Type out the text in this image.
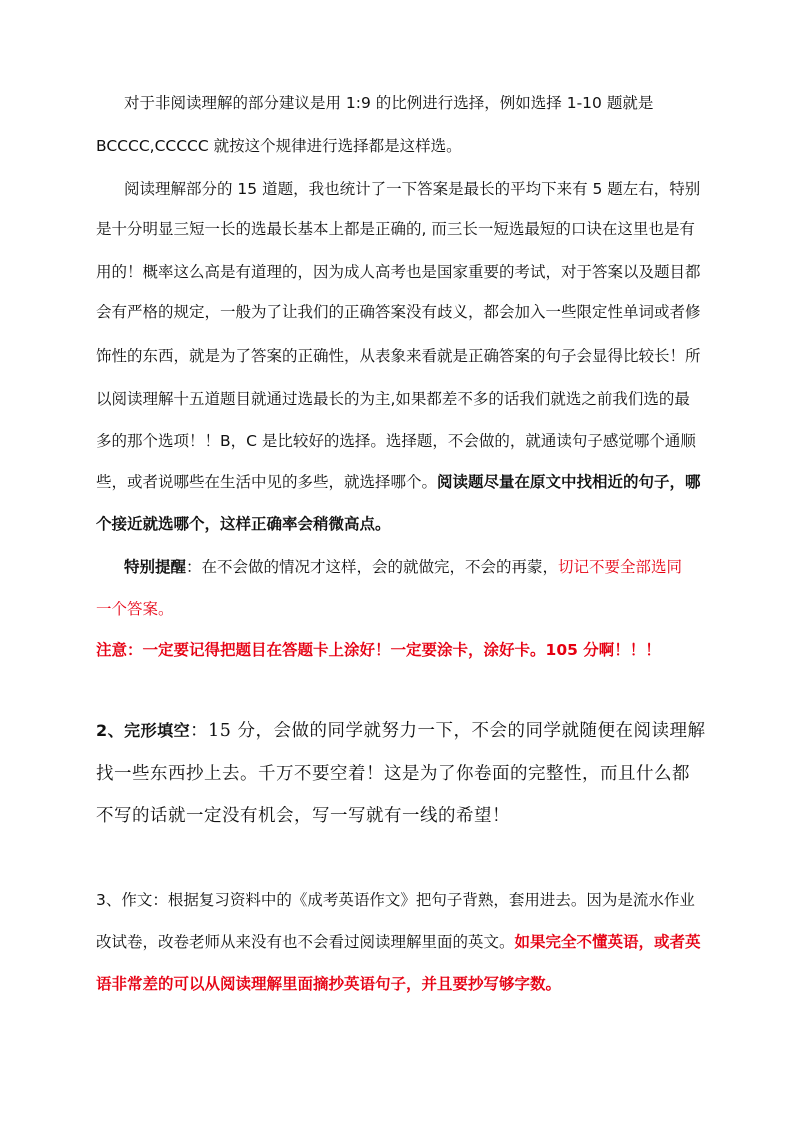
对于非阅读理解的部分建议是用 1:9 的比例进行选择，例如选择 1-10 题就是
BCCCC,CCCCC 就按这个规律进行选择都是这样选。
阅读理解部分的 15 道题，我也统计了一下答案是最长的平均下来有 5 题左右，特别
是十分明显三短一长的选最长基本上都是正确的, 而三长一短选最短的口诀在这里也是有
用的！概率这么高是有道理的，因为成人高考也是国家重要的考试，对于答案以及题目都
会有严格的规定，一般为了让我们的正确答案没有歧义，都会加入一些限定性单词或者修
饰性的东西，就是为了答案的正确性，从表象来看就是正确答案的句子会显得比较长！所
以阅读理解十五道题目就通过选最长的为主,如果都差不多的话我们就选之前我们选的最
多的那个选项！！B，C 是比较好的选择。选择题，不会做的，就通读句子感觉哪个通顺
些，或者说哪些在生活中见的多些，就选择哪个。阅读题尽量在原文中找相近的句子，哪
个接近就选哪个，这样正确率会稍微高点。
特别提醒：在不会做的情况才这样，会的就做完，不会的再蒙，切记不要全部选同
一个答案。
注意：一定要记得把题目在答题卡上涂好！一定要涂卡，涂好卡。105 分啊！！！
2、完形填空：15 分，会做的同学就努力一下，不会的同学就随便在阅读理解
找一些东西抄上去。千万不要空着！这是为了你卷面的完整性，而且什么都
不写的话就一定没有机会，写一写就有一线的希望！
3、作文：根据复习资料中的《成考英语作文》把句子背熟，套用进去。因为是流水作业
改试卷，改卷老师从来没有也不会看过阅读理解里面的英文。如果完全不懂英语，或者英
语非常差的可以从阅读理解里面摘抄英语句子，并且要抄写够字数。
